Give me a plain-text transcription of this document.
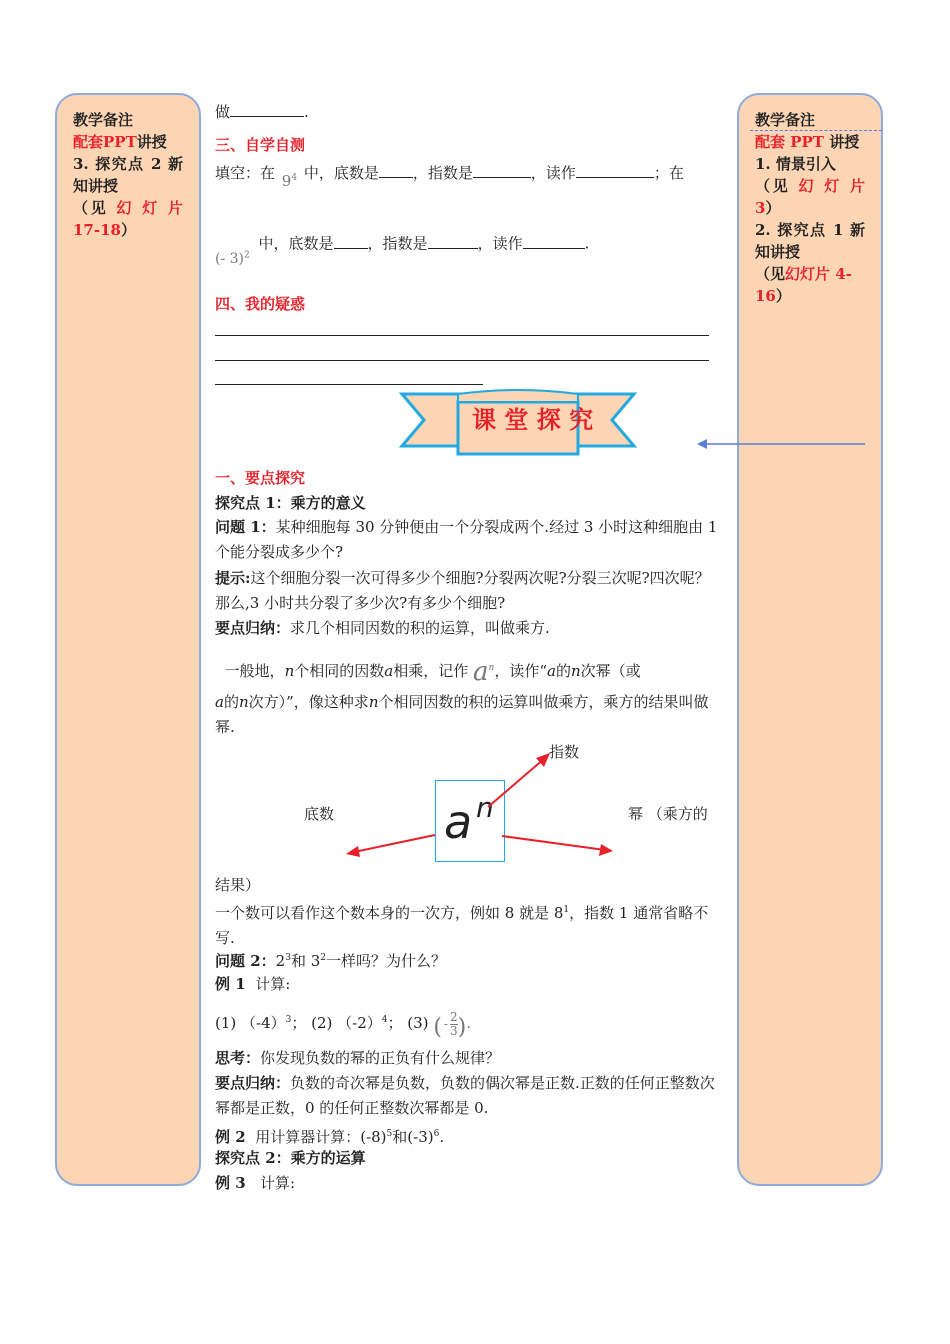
教学备注

配套PPT讲授

3. 探究点 2 新

知讲授

（见 幻 灯 片

17-18）

教学备注

配套 PPT 讲授

1. 情景引入

（见 幻 灯 片

3）

2. 探究点 1 新

知讲授

（见幻灯片 4-

16）

做	.
三、自学自测
填空：在 $9^4$ 中，底数是 ，指数是	，读作	；在
(- 3)$^2$ 中，底数是 ，指数是	，读作	.
四、我的疑惑
课 堂 探 究
一、要点探究
探究点 1：乘方的意义
问题 1：某种细胞每 30 分钟便由一个分裂成两个.经过 3 小时这种细胞由 1 个能分裂成多少个?
提示:这个细胞分裂一次可得多少个细胞?分裂两次呢?分裂三次呢?四次呢？那么,3 小时共分裂了多少次?有多少个细胞?
要点归纳：求几个相同因数的积的运算，叫做乘方.
一般地，n个相同的因数a相乘，记作 $a^n$，读作“a的n次幂（或
a的n次方）”，像这种求n个相同因数的积的运算叫做乘方，乘方的结果叫做幂.
指数
底数	幂 （乘方的
a n
结果）
一个数可以看作这个数本身的一次方，例如 8 就是 $8^1$，指数 1 通常省略不写.
问题 2：$2^3$和 $3^2$一样吗？为什么？
例 1 计算:
(1) $(-4)^3$； (2) $(-2)^4$； (3) ( - $\frac{2}{3}$ ).
思考：你发现负数的幂的正负有什么规律？
要点归纳：负数的奇次幂是负数，负数的偶次幂是正数.正数的任何正整数次幂都是正数，0 的任何正整数次幂都是 0.
例 2 用计算器计算：$(-8)^5$和$(-3)^6$.
探究点 2：乘方的运算
例 3 计算:
